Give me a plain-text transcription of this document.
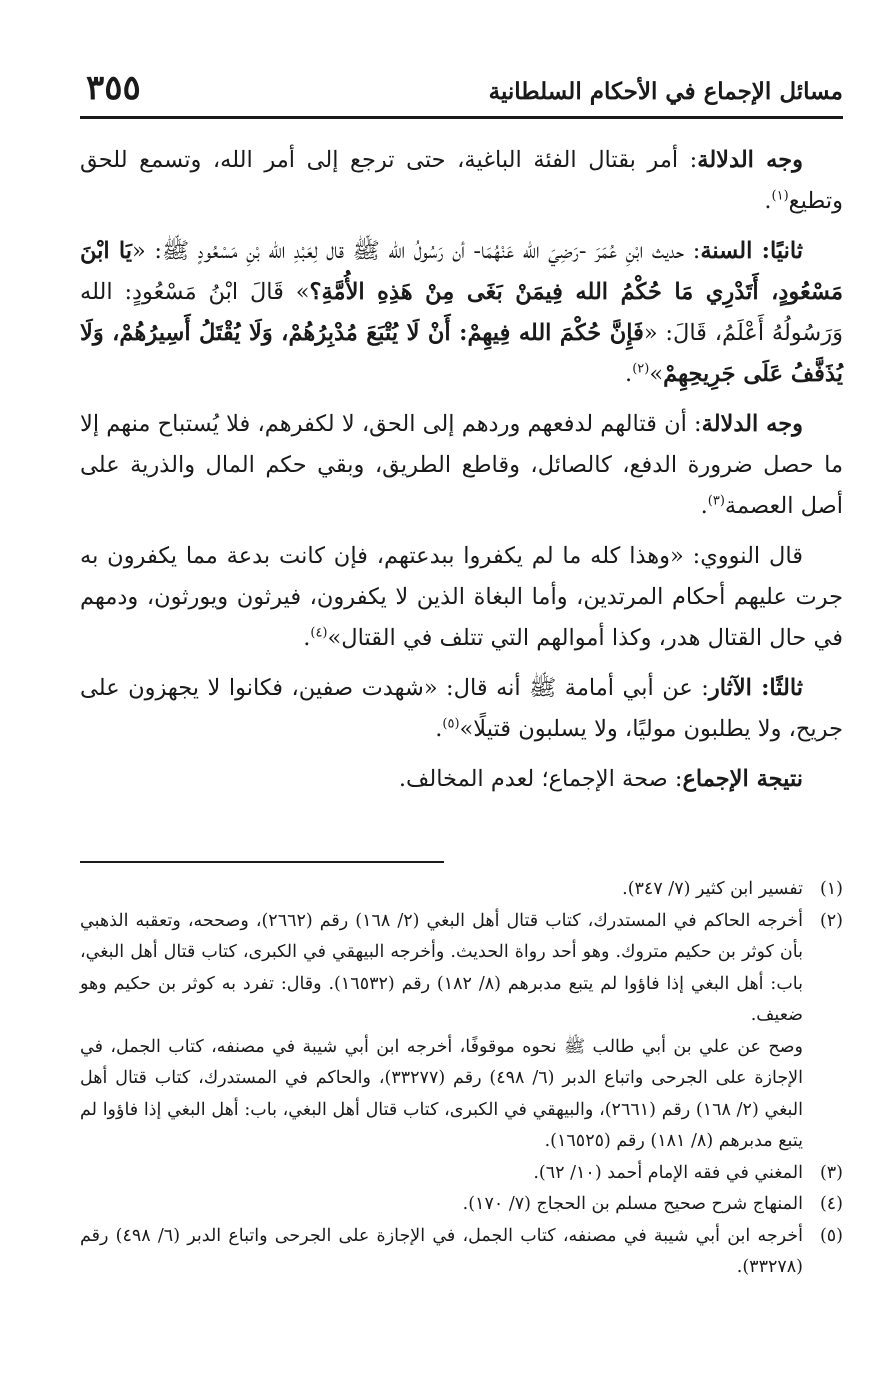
مسائل الإجماع في الأحكام السلطانية
٣٥٥

وجه الدلالة: أمر بقتال الفئة الباغية، حتى ترجع إلى أمر الله، وتسمع للحق وتطيع$^{(١)}$.

ثانيًا: السنة: حديث ابْنِ عُمَرَ -رَضِيَ الله عَنْهُمَا- أن رَسُولُ الله ﷺ قال لِعَبْدِ الله بْنِ مَسْعُودٍ ﷺ: «يَا ابْنَ مَسْعُودٍ، أَتَدْرِي مَا حُكْمُ الله فِيمَنْ بَغَى مِنْ هَذِهِ الأُمَّةِ؟» قَالَ ابْنُ مَسْعُودٍ: الله وَرَسُولُهُ أَعْلَمُ، قَالَ: «فَإِنَّ حُكْمَ الله فِيهِمْ: أَنْ لَا يُتْبَعَ مُدْبِرُهُمْ، وَلَا يُقْتَلُ أَسِيرُهُمْ، وَلَا يُذَفَّفُ عَلَى جَرِيحِهِمْ»$^{(٢)}$.

وجه الدلالة: أن قتالهم لدفعهم وردهم إلى الحق، لا لكفرهم، فلا يُستباح منهم إلا ما حصل ضرورة الدفع، كالصائل، وقاطع الطريق، وبقي حكم المال والذرية على أصل العصمة$^{(٣)}$.

قال النووي: «وهذا كله ما لم يكفروا ببدعتهم، فإن كانت بدعة مما يكفرون به جرت عليهم أحكام المرتدين، وأما البغاة الذين لا يكفرون، فيرثون ويورثون، ودمهم في حال القتال هدر، وكذا أموالهم التي تتلف في القتال»$^{(٤)}$.

ثالثًا: الآثار: عن أبي أمامة ﷺ أنه قال: «شهدت صفين، فكانوا لا يجهزون على جريح، ولا يطلبون موليًا، ولا يسلبون قتيلًا»$^{(٥)}$.

نتيجة الإجماع: صحة الإجماع؛ لعدم المخالف.

(١)
تفسير ابن كثير (٧/ ٣٤٧).
(٢)
أخرجه الحاكم في المستدرك، كتاب قتال أهل البغي (٢/ ١٦٨) رقم (٢٦٦٢)، وصححه، وتعقبه الذهبي بأن كوثر بن حكيم متروك. وهو أحد رواة الحديث. وأخرجه البيهقي في الكبرى، كتاب قتال أهل البغي، باب: أهل البغي إذا فاؤوا لم يتبع مدبرهم (٨/ ١٨٢) رقم (١٦٥٣٢). وقال: تفرد به كوثر بن حكيم وهو ضعيف.
وصح عن علي بن أبي طالب ﷺ نحوه موقوفًا، أخرجه ابن أبي شيبة في مصنفه، كتاب الجمل، في الإجازة على الجرحى واتباع الدبر (٦/ ٤٩٨) رقم (٣٣٢٧٧)، والحاكم في المستدرك، كتاب قتال أهل البغي (٢/ ١٦٨) رقم (٢٦٦١)، والبيهقي في الكبرى، كتاب قتال أهل البغي، باب: أهل البغي إذا فاؤوا لم يتبع مدبرهم (٨/ ١٨١) رقم (١٦٥٢٥).
(٣)
المغني في فقه الإمام أحمد (١٠/ ٦٢).
(٤)
المنهاج شرح صحيح مسلم بن الحجاج (٧/ ١٧٠).
(٥)
أخرجه ابن أبي شيبة في مصنفه، كتاب الجمل، في الإجازة على الجرحى واتباع الدبر (٦/ ٤٩٨) رقم (٣٣٢٧٨).
